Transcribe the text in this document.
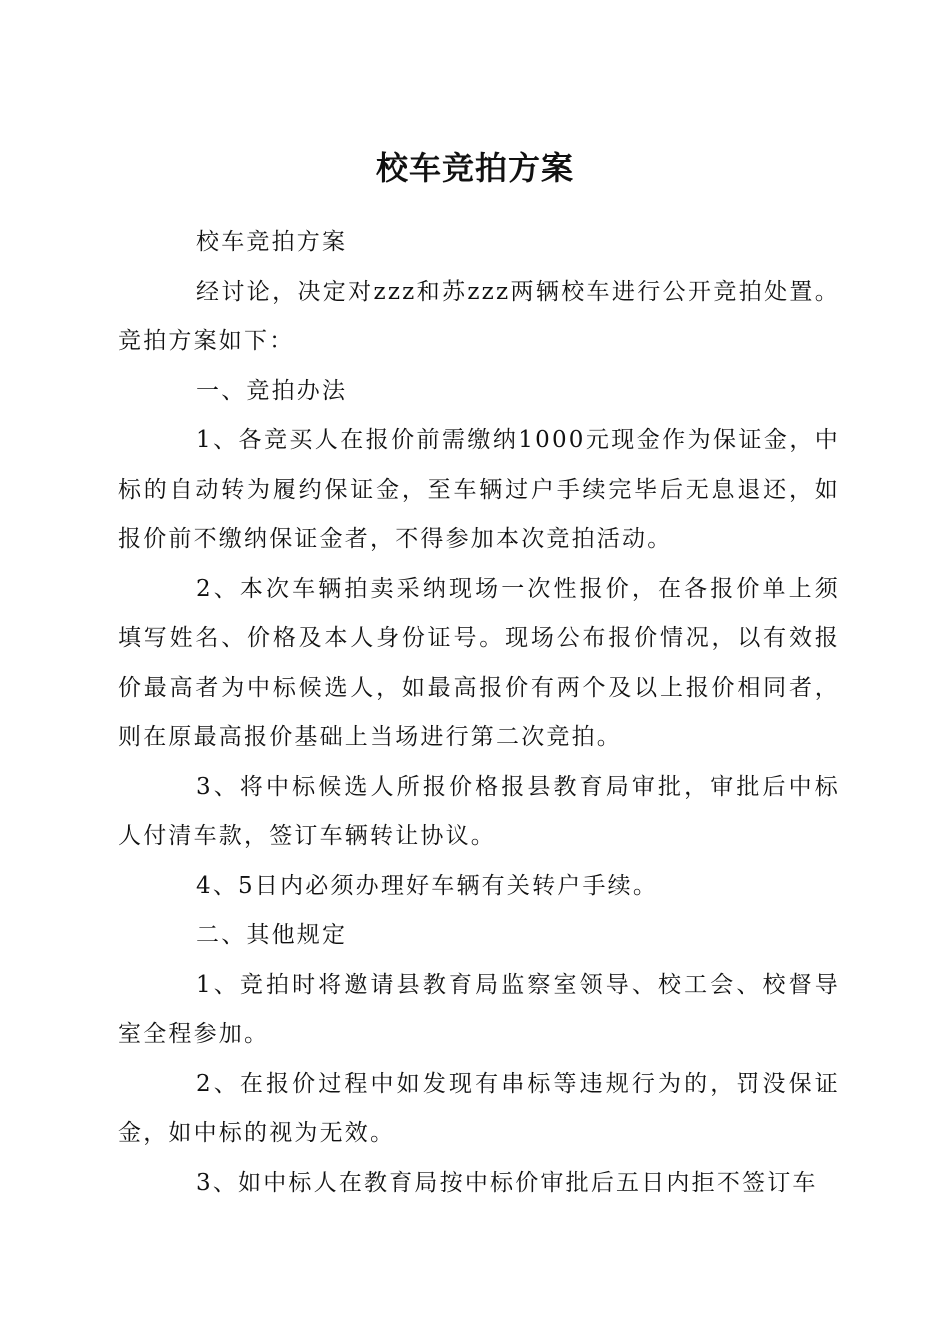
校车竞拍方案

校车竞拍方案

经讨论，决定对zzz和苏zzz两辆校车进行公开竞拍处置。竞拍方案如下：

一、竞拍办法

1、各竞买人在报价前需缴纳1000元现金作为保证金，中标的自动转为履约保证金，至车辆过户手续完毕后无息退还，如报价前不缴纳保证金者，不得参加本次竞拍活动。

2、本次车辆拍卖采纳现场一次性报价，在各报价单上须填写姓名、价格及本人身份证号。现场公布报价情况，以有效报价最高者为中标候选人，如最高报价有两个及以上报价相同者，则在原最高报价基础上当场进行第二次竞拍。

3、将中标候选人所报价格报县教育局审批，审批后中标人付清车款，签订车辆转让协议。

4、5日内必须办理好车辆有关转户手续。

二、其他规定

1、竞拍时将邀请县教育局监察室领导、校工会、校督导室全程参加。

2、在报价过程中如发现有串标等违规行为的，罚没保证金，如中标的视为无效。

3、如中标人在教育局按中标价审批后五日内拒不签订车
